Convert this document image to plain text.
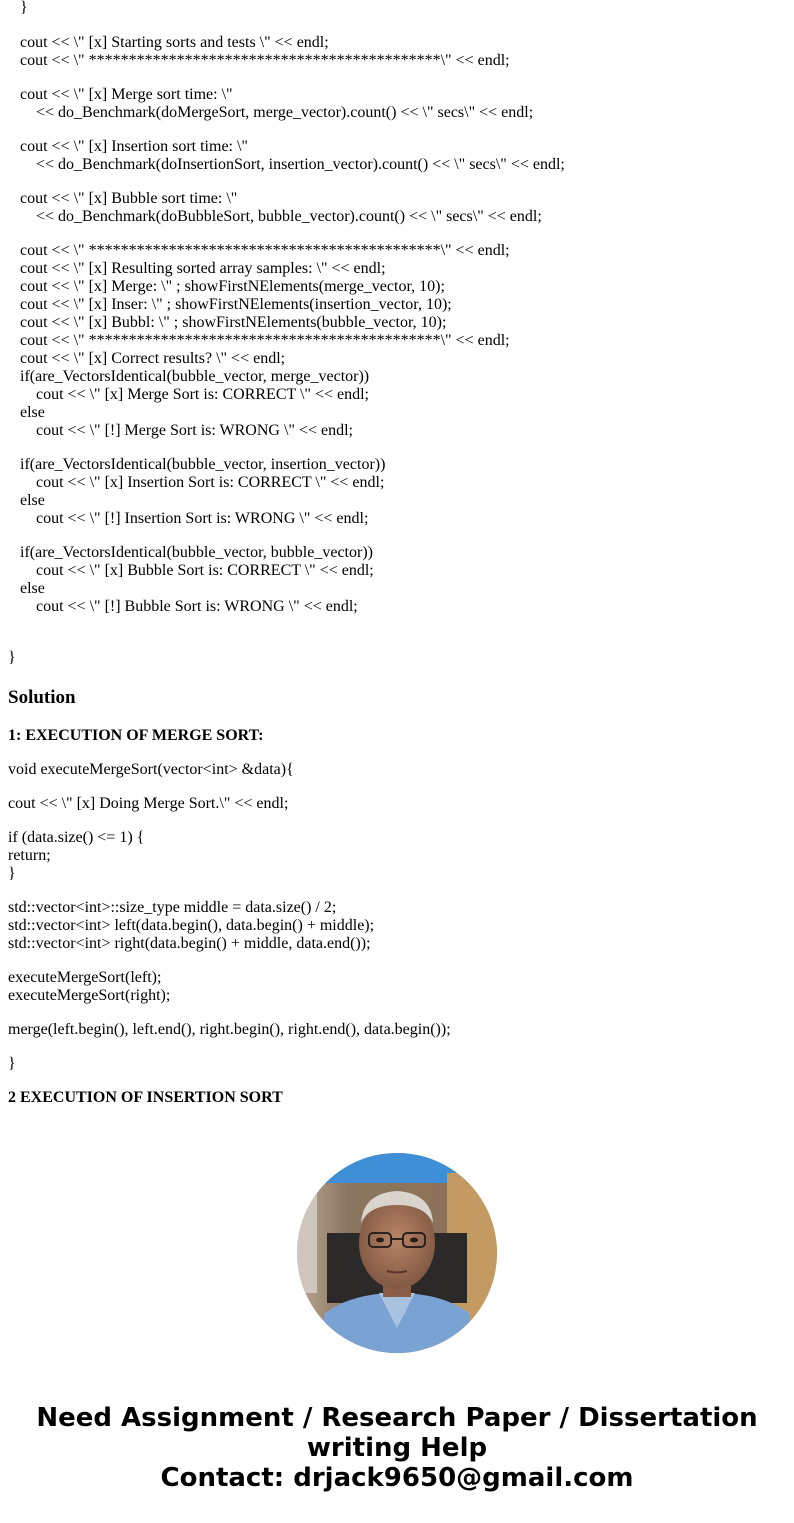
}
cout << \" [x] Starting sorts and tests \" << endl;
cout << \" ********************************************\" << endl;
cout << \" [x] Merge sort time: \"
<< do_Benchmark(doMergeSort, merge_vector).count() << \" secs\" << endl;
cout << \" [x] Insertion sort time: \"
<< do_Benchmark(doInsertionSort, insertion_vector).count() << \" secs\" << endl;
cout << \" [x] Bubble sort time: \"
<< do_Benchmark(doBubbleSort, bubble_vector).count() << \" secs\" << endl;
cout << \" ********************************************\" << endl;
cout << \" [x] Resulting sorted array samples: \" << endl;
cout << \" [x] Merge: \" ; showFirstNElements(merge_vector, 10);
cout << \" [x] Inser: \" ; showFirstNElements(insertion_vector, 10);
cout << \" [x] Bubbl: \" ; showFirstNElements(bubble_vector, 10);
cout << \" ********************************************\" << endl;
cout << \" [x] Correct results? \" << endl;
if(are_VectorsIdentical(bubble_vector, merge_vector))
cout << \" [x] Merge Sort is: CORRECT \" << endl;
else
cout << \" [!] Merge Sort is: WRONG \" << endl;
if(are_VectorsIdentical(bubble_vector, insertion_vector))
cout << \" [x] Insertion Sort is: CORRECT \" << endl;
else
cout << \" [!] Insertion Sort is: WRONG \" << endl;
if(are_VectorsIdentical(bubble_vector, bubble_vector))
cout << \" [x] Bubble Sort is: CORRECT \" << endl;
else
cout << \" [!] Bubble Sort is: WRONG \" << endl;
}
Solution
1: EXECUTION OF MERGE SORT:
void executeMergeSort(vector<int> &data){
cout << \" [x] Doing Merge Sort.\" << endl;
if (data.size() <= 1) {
return;
}
std::vector<int>::size_type middle = data.size() / 2;
std::vector<int> left(data.begin(), data.begin() + middle);
std::vector<int> right(data.begin() + middle, data.end());
executeMergeSort(left);
executeMergeSort(right);
merge(left.begin(), left.end(), right.begin(), right.end(), data.begin());
}
2 EXECUTION OF INSERTION SORT
Need Assignment / Research Paper / Dissertation
writing Help
Contact: drjack9650@gmail.com
